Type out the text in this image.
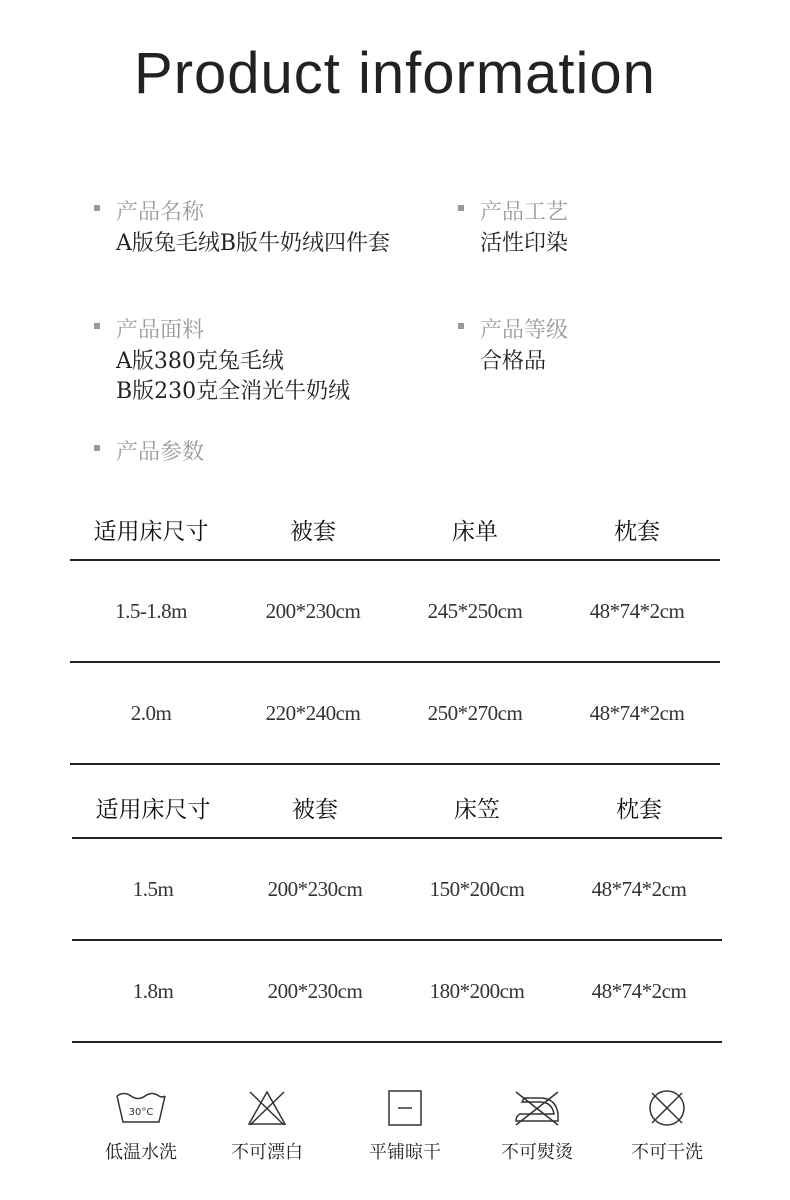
Product information
产品名称
A版兔毛绒B版牛奶绒四件套
产品工艺
活性印染
产品面料
A版380克兔毛绒
B版230克全消光牛奶绒
产品等级
合格品
产品参数
适用床尺寸	被套	床单	枕套
1.5-1.8m	200*230cm	245*250cm	48*74*2cm
2.0m	220*240cm	250*270cm	48*74*2cm
适用床尺寸	被套	床笠	枕套
1.5m	200*230cm	150*200cm	48*74*2cm
1.8m	200*230cm	180*200cm	48*74*2cm
30°C
低温水洗	不可漂白	平铺晾干	不可熨烫	不可干洗
